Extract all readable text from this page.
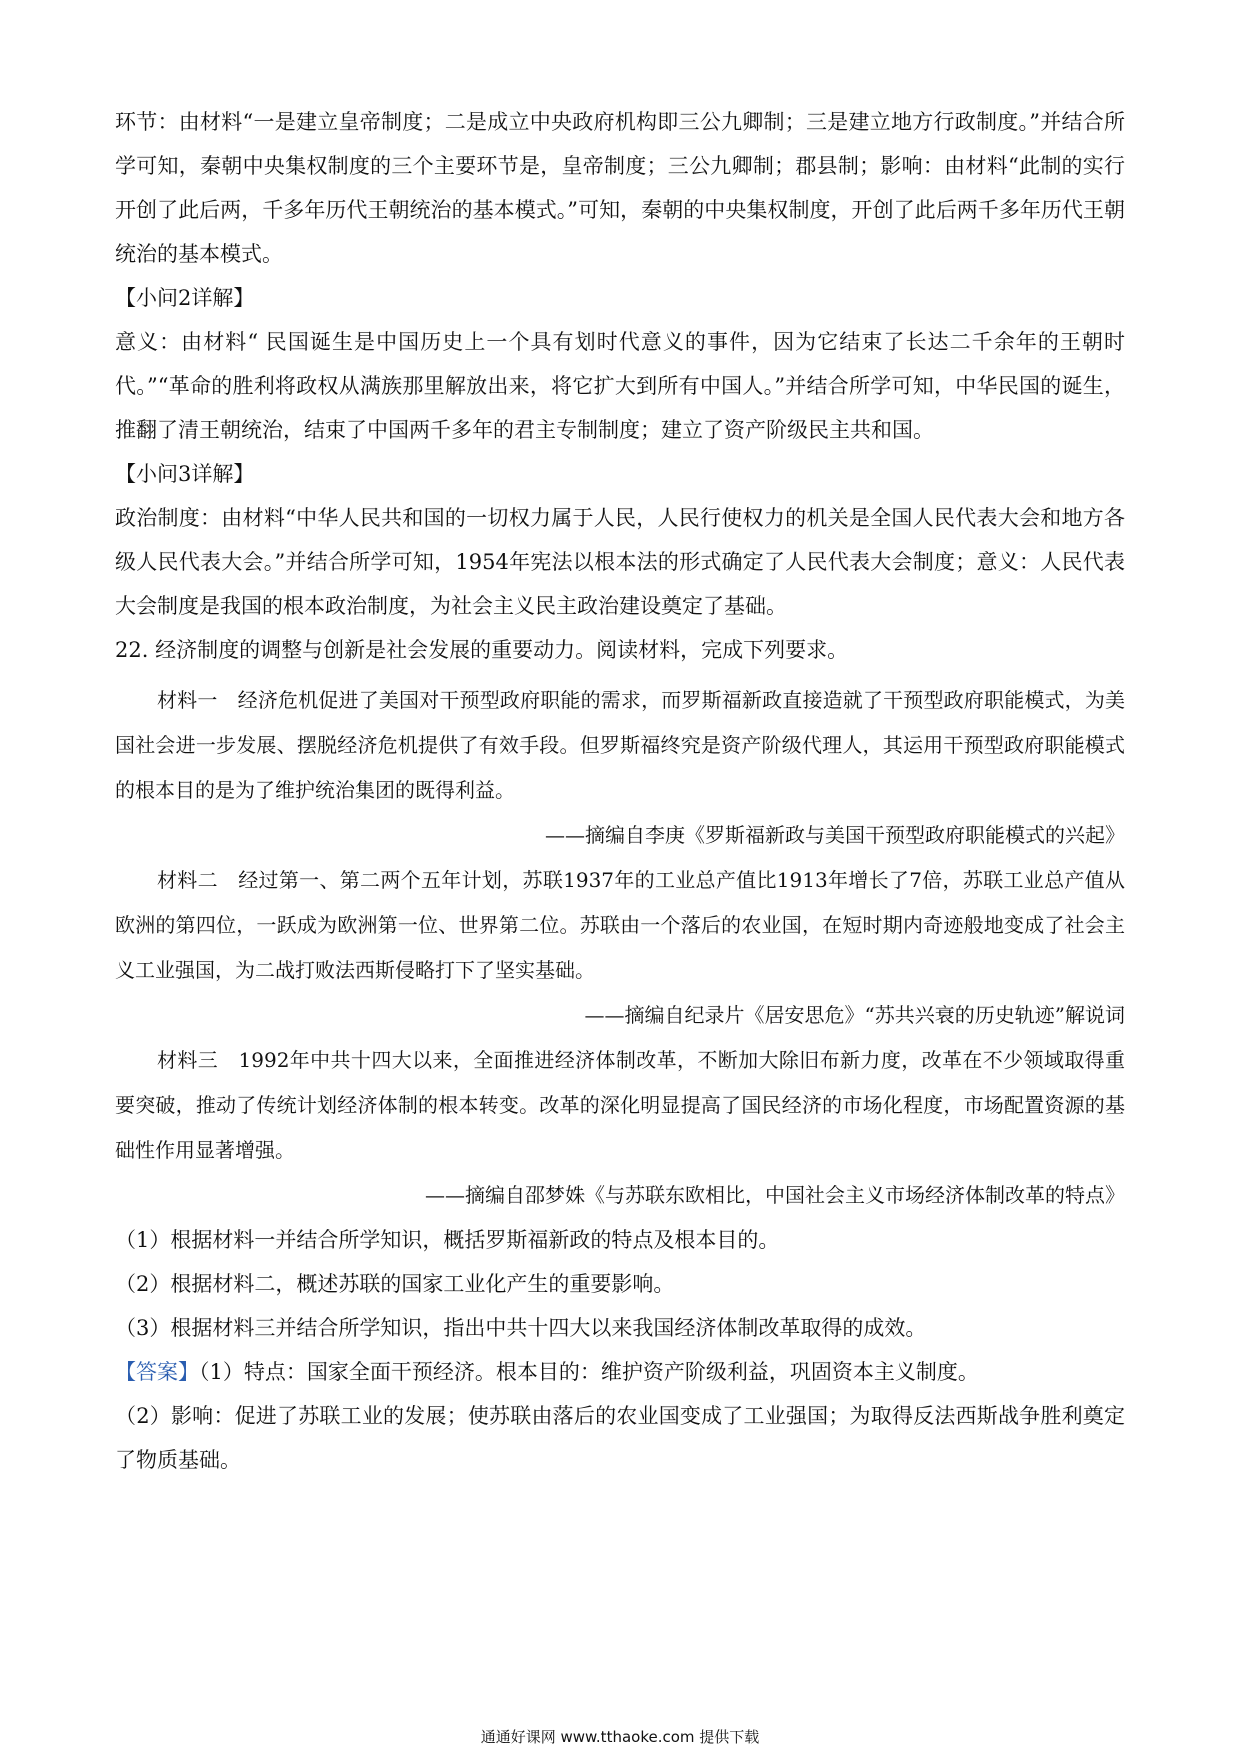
环节：由材料“一是建立皇帝制度；二是成立中央政府机构即三公九卿制；三是建立地方行政制度。”并结合所学可知，秦朝中央集权制度的三个主要环节是，皇帝制度；三公九卿制；郡县制；影响：由材料“此制的实行开创了此后两，千多年历代王朝统治的基本模式。”可知，秦朝的中央集权制度，开创了此后两千多年历代王朝统治的基本模式。

【小问2详解】

意义：由材料“ 民国诞生是中国历史上一个具有划时代意义的事件，因为它结束了长达二千余年的王朝时代。”“革命的胜利将政权从满族那里解放出来，将它扩大到所有中国人。”并结合所学可知，中华民国的诞生，推翻了清王朝统治，结束了中国两千多年的君主专制制度；建立了资产阶级民主共和国。

【小问3详解】

政治制度：由材料“中华人民共和国的一切权力属于人民，人民行使权力的机关是全国人民代表大会和地方各级人民代表大会。”并结合所学可知，1954年宪法以根本法的形式确定了人民代表大会制度；意义：人民代表大会制度是我国的根本政治制度，为社会主义民主政治建设奠定了基础。

22. 经济制度的调整与创新是社会发展的重要动力。阅读材料，完成下列要求。

材料一　经济危机促进了美国对干预型政府职能的需求，而罗斯福新政直接造就了干预型政府职能模式，为美国社会进一步发展、摆脱经济危机提供了有效手段。但罗斯福终究是资产阶级代理人，其运用干预型政府职能模式的根本目的是为了维护统治集团的既得利益。

——摘编自李庚《罗斯福新政与美国干预型政府职能模式的兴起》

材料二　经过第一、第二两个五年计划，苏联1937年的工业总产值比1913年增长了7倍，苏联工业总产值从欧洲的第四位，一跃成为欧洲第一位、世界第二位。苏联由一个落后的农业国，在短时期内奇迹般地变成了社会主义工业强国，为二战打败法西斯侵略打下了坚实基础。

——摘编自纪录片《居安思危》“苏共兴衰的历史轨迹”解说词

材料三　1992年中共十四大以来，全面推进经济体制改革，不断加大除旧布新力度，改革在不少领域取得重要突破，推动了传统计划经济体制的根本转变。改革的深化明显提高了国民经济的市场化程度，市场配置资源的基础性作用显著增强。

——摘编自邵梦姝《与苏联东欧相比，中国社会主义市场经济体制改革的特点》

（1）根据材料一并结合所学知识，概括罗斯福新政的特点及根本目的。

（2）根据材料二，概述苏联的国家工业化产生的重要影响。

（3）根据材料三并结合所学知识，指出中共十四大以来我国经济体制改革取得的成效。

【答案】（1）特点：国家全面干预经济。根本目的：维护资产阶级利益，巩固资本主义制度。

（2）影响：促进了苏联工业的发展；使苏联由落后的农业国变成了工业强国；为取得反法西斯战争胜利奠定了物质基础。

通通好课网 www.tthaoke.com 提供下载
